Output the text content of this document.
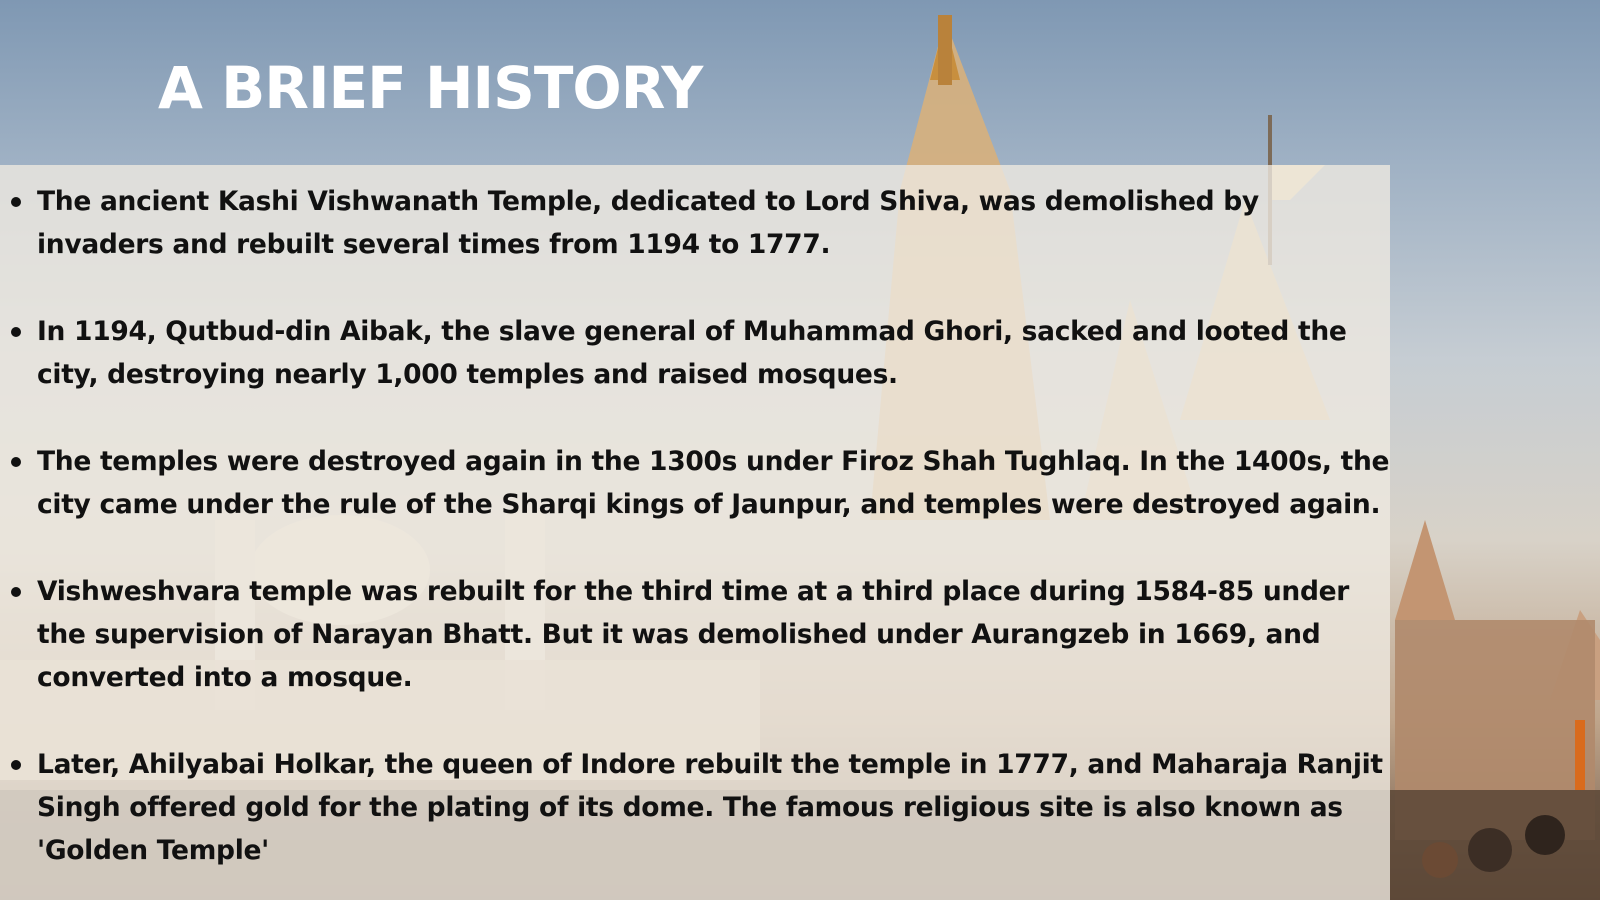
A BRIEF HISTORY
The ancient Kashi Vishwanath Temple, dedicated to Lord Shiva, was demolished by invaders and rebuilt several times from 1194 to 1777.
In 1194, Qutbud-din Aibak, the slave general of Muhammad Ghori, sacked and looted the city, destroying nearly 1,000 temples and raised mosques.
The temples were destroyed again in the 1300s under Firoz Shah Tughlaq. In the 1400s, the city came under the rule of the Sharqi kings of Jaunpur, and temples were destroyed again.
Vishweshvara temple was rebuilt for the third time at a third place during 1584-85 under the supervision of Narayan Bhatt. But it was demolished under Aurangzeb in 1669, and converted into a mosque.
Later, Ahilyabai Holkar, the queen of Indore rebuilt the temple in 1777, and Maharaja Ranjit Singh offered gold for the plating of its dome. The famous religious site is also known as 'Golden Temple'
